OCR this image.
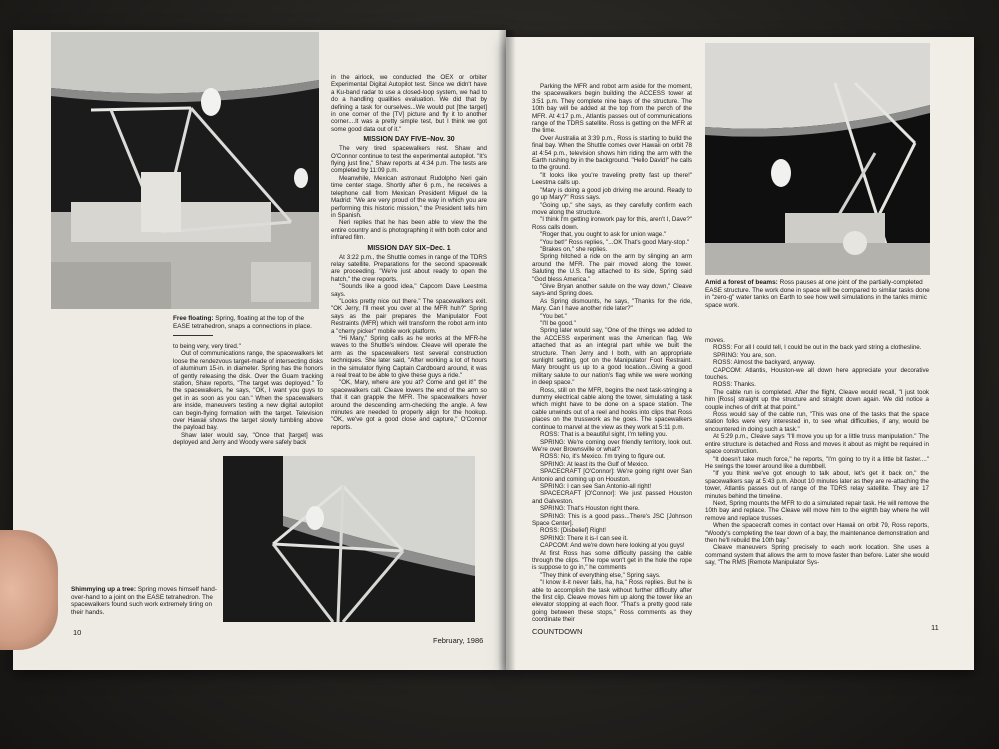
Free floating: Spring, floating at the top of the EASE tetrahedron, snaps a connections in place.

to being very, very tired."

Out of communications range, the spacewalkers let loose the rendezvous target-made of intersecting disks of aluminum 15-in. in diameter. Spring has the honors of gently releasing the disk. Over the Guam tracking station, Shaw reports, "The target was deployed." To the spacewalkers, he says, "OK, I want you guys to get in as soon as you can." When the spacewalkers are inside, maneuvers testing a new digital autopilot can begin-flying formation with the target. Television over Hawaii shows the target slowly tumbling above the payload bay.

Shaw later would say, "Once that [target] was deployed and Jerry and Woody were safely back

in the airlock, we conducted the OEX or orbiter Experimental Digital Autopilot test. Since we didn't have a Ku-band radar to use a closed-loop system, we had to do a handling qualities evaluation. We did that by defining a task for ourselves...We would put [the target] in one corner of the [TV] picture and fly it to another corner....It was a pretty simple test, but I think we got some good data out of it."

MISSION DAY FIVE–Nov. 30

The very tired spacewalkers rest. Shaw and O'Connor continue to test the experimental autopilot. "It's flying just fine," Shaw reports at 4:34 p.m. The tests are completed by 11:09 p.m.

Meanwhile, Mexican astronaut Rudolpho Neri gain time center stage. Shortly after 6 p.m., he receives a telephone call from Mexican President Miguel de la Madrid: "We are very proud of the way in which you are performing this historic mission," the President tells him in Spanish.

Neri replies that he has been able to view the the entire country and is photographing it with both color and infrared film.

MISSION DAY SIX–Dec. 1

At 3:22 p.m., the Shuttle comes in range of the TDRS relay satellite. Preparations for the second spacewalk are proceeding. "We're just about ready to open the hatch," the crew reports.

"Sounds like a good idea," Capcom Dave Leestma says.

"Looks pretty nice out there." The spacewalkers exit. "OK Jerry, I'll meet you over at the MFR huh?" Spring says as the pair prepares the Manipulator Foot Restraints (MFR) which will transform the robot arm into a "cherry picker" mobile work platform.

"Hi Mary," Spring calls as he works at the MFR-he waves to the Shuttle's window. Cleave will operate the arm as the spacewalkers test several construction techniques. She later said, "After working a lot of hours in the simulator flying Captain Cardboard around, it was a real treat to be able to give these guys a ride."

"OK, Mary, where are you at? Come and get it!" the spacewalkers call. Cleave lowers the end of the arm so that it can grapple the MFR. The spacewalkers hover around the descending arm-checking the angle. A few minutes are needed to properly align for the hookup. "OK, we've got a good close and capture," O'Connor reports.

Shimmying up a tree: Spring moves himself hand-over-hand to a joint on the EASE tetrahedron. The spacewalkers found such work extremely tiring on their hands.
10
February, 1986

Parking the MFR and robot arm aside for the moment, the spacewalkers begin building the ACCESS tower at 3:51 p.m. They complete nine bays of the structure. The 10th bay will be added at the top from the perch of the MFR. At 4:17 p.m., Atlantis passes out of communications range of the TDRS satellite. Ross is getting on the MFR at the time.

Over Australia at 3:39 p.m., Ross is starting to build the final bay. When the Shuttle comes over Hawaii on orbit 78 at 4:54 p.m., television shows him riding the arm with the Earth rushing by in the background. "Hello David!" he calls to the ground.

"It looks like you're traveling pretty fast up there!" Leestma calls up.

"Mary is doing a good job driving me around. Ready to go up Mary?" Ross says.

"Going up," she says, as they carefully confirm each move along the structure.

"I think I'm getting ironwork pay for this, aren't I, Dave?" Ross calls down.

"Roger that, you ought to ask for union wage."

"You bet!" Ross replies, "...OK That's good Mary-stop."

"Brakes on," she replies.

Spring hitched a ride on the arm by slinging an arm around the MFR. The pair moved along the tower. Saluting the U.S. flag attached to its side, Spring said "God bless America."

"Give Bryan another salute on the way down," Cleave says-and Spring does.

As Spring dismounts, he says, "Thanks for the ride, Mary. Can I have another ride later?"

"You bet."

"I'll be good."

Spring later would say, "One of the things we added to the ACCESS experiment was the American flag. We attached that as an integral part while we built the structure. Then Jerry and I both, with an appropriate sunlight setting, got on the Manipulator Foot Restraint. Mary brought us up to a good location...Giving a good military salute to our nation's flag while we were working in deep space."

Ross, still on the MFR, begins the next task-stringing a dummy electrical cable along the tower, simulating a task which might have to be done on a space station. The cable unwinds out of a reel and hooks into clips that Ross places on the trusswork as he goes. The spacewalkers continue to marvel at the view as they work at 5:11 p.m.

ROSS: That is a beautiful sight, I'm telling you.

SPRING: We're coming over friendly territory, look out. We're over Brownsville or what?

ROSS: No, it's Mexico. I'm trying to figure out.

SPRING: At least its the Gulf of Mexico.

SPACECRAFT [O'Connor]: We're going right over San Antonio and coming up on Houston.

SPRING: I can see San Antonio-all right!

SPACECRAFT [O'Connor]: We just passed Houston and Galveston.

SPRING: That's Houston right there.

SPRING: This is a good pass...There's JSC [Johnson Space Center].

ROSS: [Disbelief] Right!

SPRING: There it is-I can see it.

CAPCOM: And we're down here looking at you guys!

At first Ross has some difficulty passing the cable through the clips. "The rope won't get in the hole the rope is suppose to go in," he comments

"They think of everything else," Spring says.

"I know it-it never fails, ha, ha," Ross replies. But he is able to accomplish the task without further difficulty after the first clip. Cleave moves him up along the tower like an elevator stopping at each floor. "That's a pretty good rate going between these stops," Ross comments as they coordinate their

Amid a forest of beams: Ross pauses at one joint of the partially-completed EASE structure. The work done in space will be compared to similar tasks done in "zero-g" water tanks on Earth to see how well simulations in the tanks mimic space work.

moves.

ROSS: For all I could tell, I could be out in the back yard string a clothesline.

SPRING: You are, son.

ROSS: Almost the backyard, anyway.

CAPCOM: Atlantis, Houston-we all down here appreciate your decorative touches.

ROSS: Thanks.

The cable run is completed. After the flight, Cleave would recall, "I just took him [Ross] straight up the structure and straight down again. We did notice a couple inches of drift at that point."

Ross would say of the cable run, "This was one of the tasks that the space station folks were very interested in, to see what difficulties, if any, would be encountered in doing such a task."

At 5:29 p.m., Cleave says "I'll move you up for a little truss manipulation." The entire structure is detached and Ross and moves it about as might be required in space construction.

"It doesn't take much force," he reports, "I'm going to try it a little bit faster...." He swings the tower around like a dumbbell.

"If you think we've got enough to talk about, let's get it back on," the spacewalkers say at 5:43 p.m. About 10 minutes later as they are re-attaching the tower, Atlantis passes out of range of the TDRS relay satellite. They are 17 minutes behind the timeline.

Next, Spring mounts the MFR to do a simulated repair task. He will remove the 10th bay and replace. The Cleave will move him to the eighth bay where he will remove and replace trusses.

When the spacecraft comes in contact over Hawaii on orbit 79, Ross reports, "Woody's completing the tear down of a bay, the maintenance demonstration and then he'll rebuild the 10th bay."

Cleave maneuvers Spring precisely to each work location. She uses a command system that allows the arm to move faster than before. Later she would say, "The RMS [Remote Manipulator Sys-

COUNTDOWN	11
